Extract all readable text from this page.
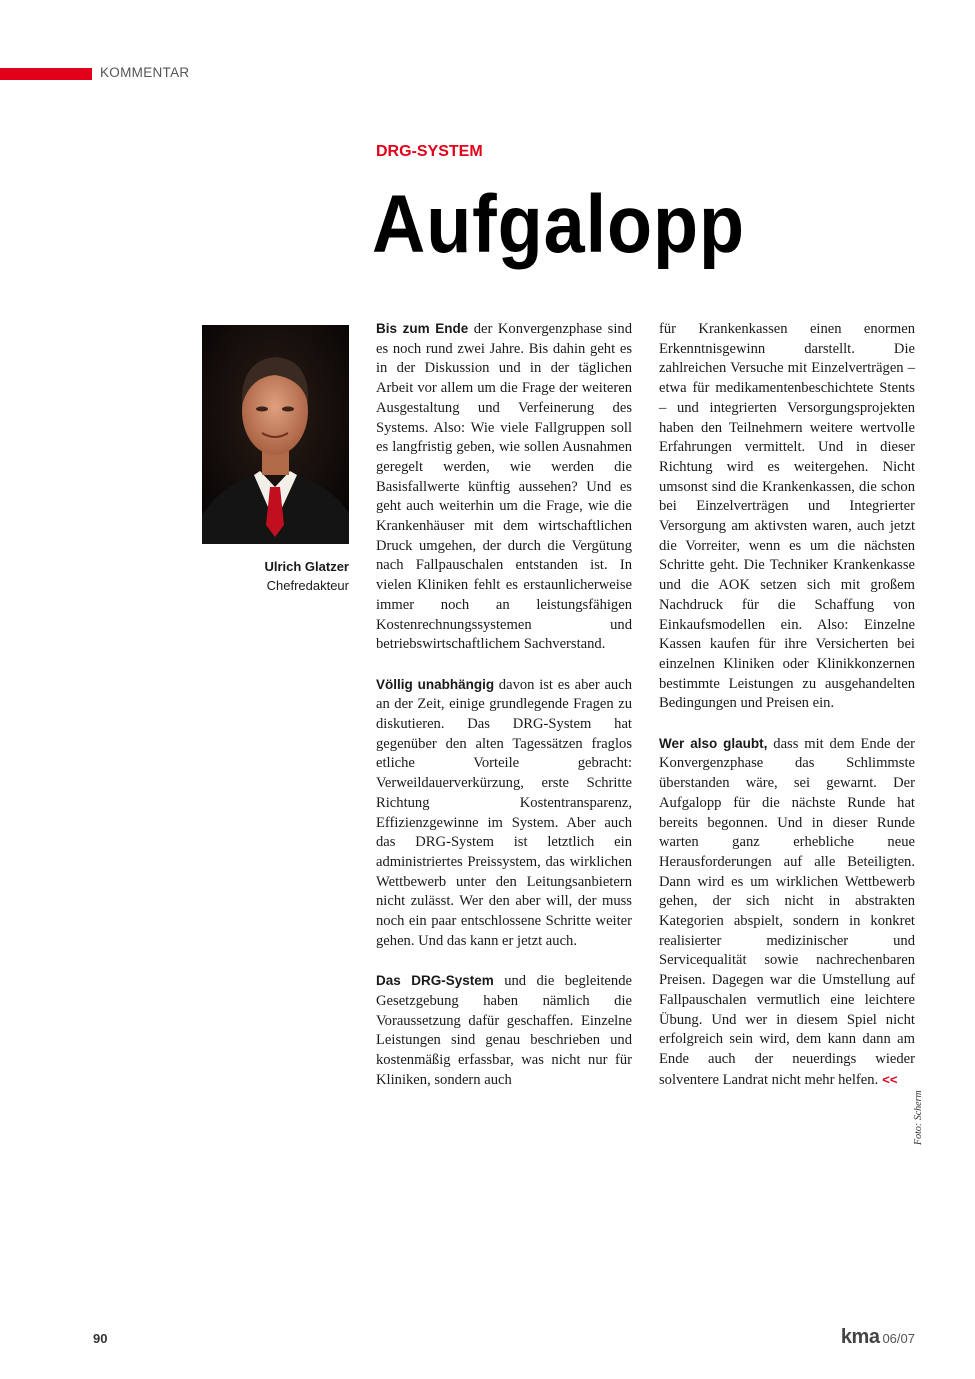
KOMMENTAR
DRG-SYSTEM
Aufgalopp
Ulrich Glatzer
Chefredakteur

Bis zum Ende der Konvergenzphase sind es noch rund zwei Jahre. Bis dahin geht es in der Diskussion und in der täglichen Arbeit vor allem um die Frage der weiteren Ausgestaltung und Verfeinerung des Systems. Also: Wie viele Fallgruppen soll es langfristig geben, wie sollen Ausnahmen geregelt werden, wie werden die Basisfallwerte künftig aussehen? Und es geht auch weiterhin um die Frage, wie die Krankenhäuser mit dem wirtschaftlichen Druck umgehen, der durch die Vergütung nach Fallpauschalen entstanden ist. In vielen Kliniken fehlt es erstaunlicherweise immer noch an leistungsfähigen Kostenrechnungssystemen und betriebswirtschaftlichem Sachverstand.

Völlig unabhängig davon ist es aber auch an der Zeit, einige grundlegende Fragen zu diskutieren. Das DRG-System hat gegenüber den alten Tagessätzen fraglos etliche Vorteile gebracht: Verweildauerverkürzung, erste Schritte Richtung Kostentransparenz, Effizienzgewinne im System. Aber auch das DRG-System ist letztlich ein administriertes Preissystem, das wirklichen Wettbewerb unter den Leitungsanbietern nicht zulässt. Wer den aber will, der muss noch ein paar entschlossene Schritte weiter gehen. Und das kann er jetzt auch.

Das DRG-System und die begleitende Gesetzgebung haben nämlich die Voraussetzung dafür geschaffen. Einzelne Leistungen sind genau beschrieben und kostenmäßig erfassbar, was nicht nur für Kliniken, sondern auch

für Krankenkassen einen enormen Erkenntnisgewinn darstellt. Die zahlreichen Versuche mit Einzelverträgen – etwa für medikamentenbeschichtete Stents – und integrierten Versorgungsprojekten haben den Teilnehmern weitere wertvolle Erfahrungen vermittelt. Und in dieser Richtung wird es weitergehen. Nicht umsonst sind die Krankenkassen, die schon bei Einzelverträgen und Integrierter Versorgung am aktivsten waren, auch jetzt die Vorreiter, wenn es um die nächsten Schritte geht. Die Techniker Krankenkasse und die AOK setzen sich mit großem Nachdruck für die Schaffung von Einkaufsmodellen ein. Also: Einzelne Kassen kaufen für ihre Versicherten bei einzelnen Kliniken oder Klinikkonzernen bestimmte Leistungen zu ausgehandelten Bedingungen und Preisen ein.

Wer also glaubt, dass mit dem Ende der Konvergenzphase das Schlimmste überstanden wäre, sei gewarnt. Der Aufgalopp für die nächste Runde hat bereits begonnen. Und in dieser Runde warten ganz erhebliche neue Herausforderungen auf alle Beteiligten. Dann wird es um wirklichen Wettbewerb gehen, der sich nicht in abstrakten Kategorien abspielt, sondern in konkret realisierter medizinischer und Servicequalität sowie nachrechenbaren Preisen. Dagegen war die Umstellung auf Fallpauschalen vermutlich eine leichtere Übung. Und wer in diesem Spiel nicht erfolgreich sein wird, dem kann dann am Ende auch der neuerdings wieder solventere Landrat nicht mehr helfen. <<

Foto: Scherm
90	kma 06/07
